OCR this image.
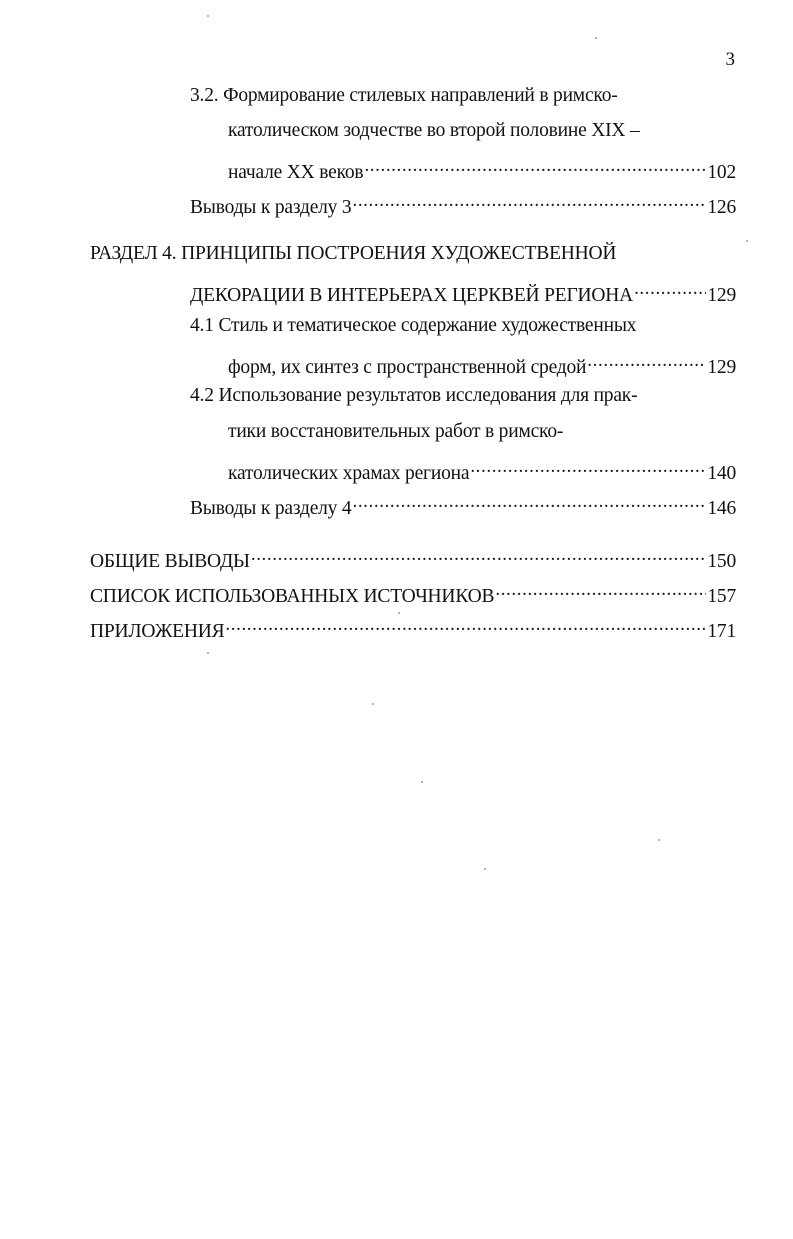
3
3.2. Формирование стилевых направлений в римско-
католическом зодчестве во второй половине XIX –
начале XX веков .....	102
Выводы к разделу 3 .....	126
РАЗДЕЛ 4. ПРИНЦИПЫ ПОСТРОЕНИЯ ХУДОЖЕСТВЕННОЙ
ДЕКОРАЦИИ В ИНТЕРЬЕРАХ ЦЕРКВЕЙ РЕГИОНА .....	129
4.1 Стиль и тематическое содержание художественных
форм, их синтез с пространственной средой .....	129
4.2 Использование результатов исследования для прак-
тики восстановительных работ в римско-
католических храмах региона .....	140
Выводы к разделу 4 .....	146
ОБЩИЕ ВЫВОДЫ .....	150
СПИСОК ИСПОЛЬЗОВАННЫХ ИСТОЧНИКОВ .....	157
ПРИЛОЖЕНИЯ .....	171
